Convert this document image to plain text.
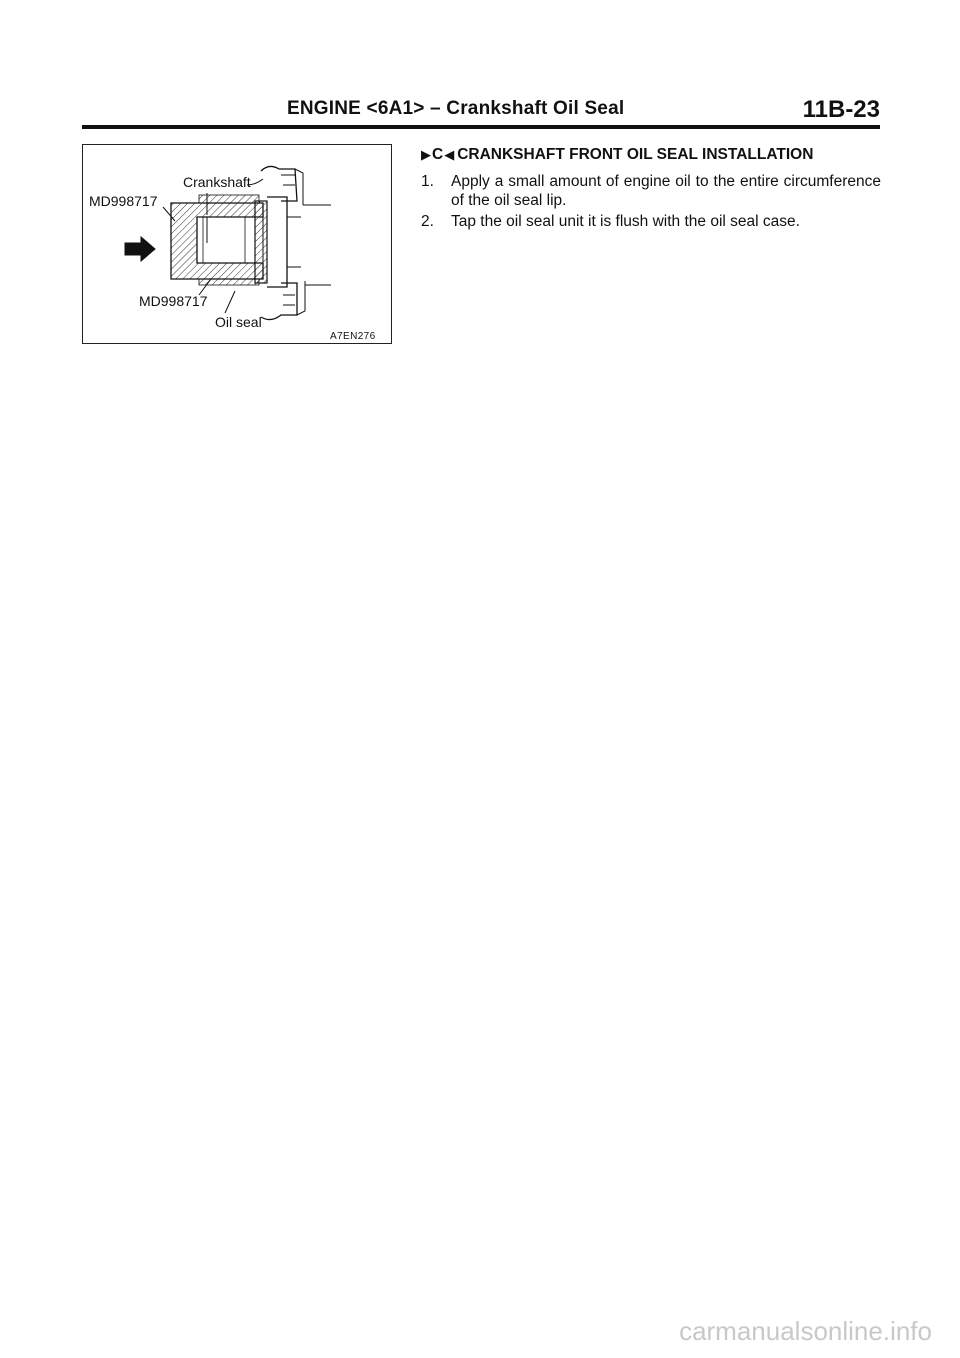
ENGINE <6A1> – Crankshaft Oil Seal	11B-23
Crankshaft
MD998717
MD998717
Oil seal
A7EN276
▶ C ◀ CRANKSHAFT FRONT OIL SEAL INSTALLATION
1. Apply a small amount of engine oil to the entire circumference of the oil seal lip.
2. Tap the oil seal unit it is flush with the oil seal case.
carmanualsonline.info
